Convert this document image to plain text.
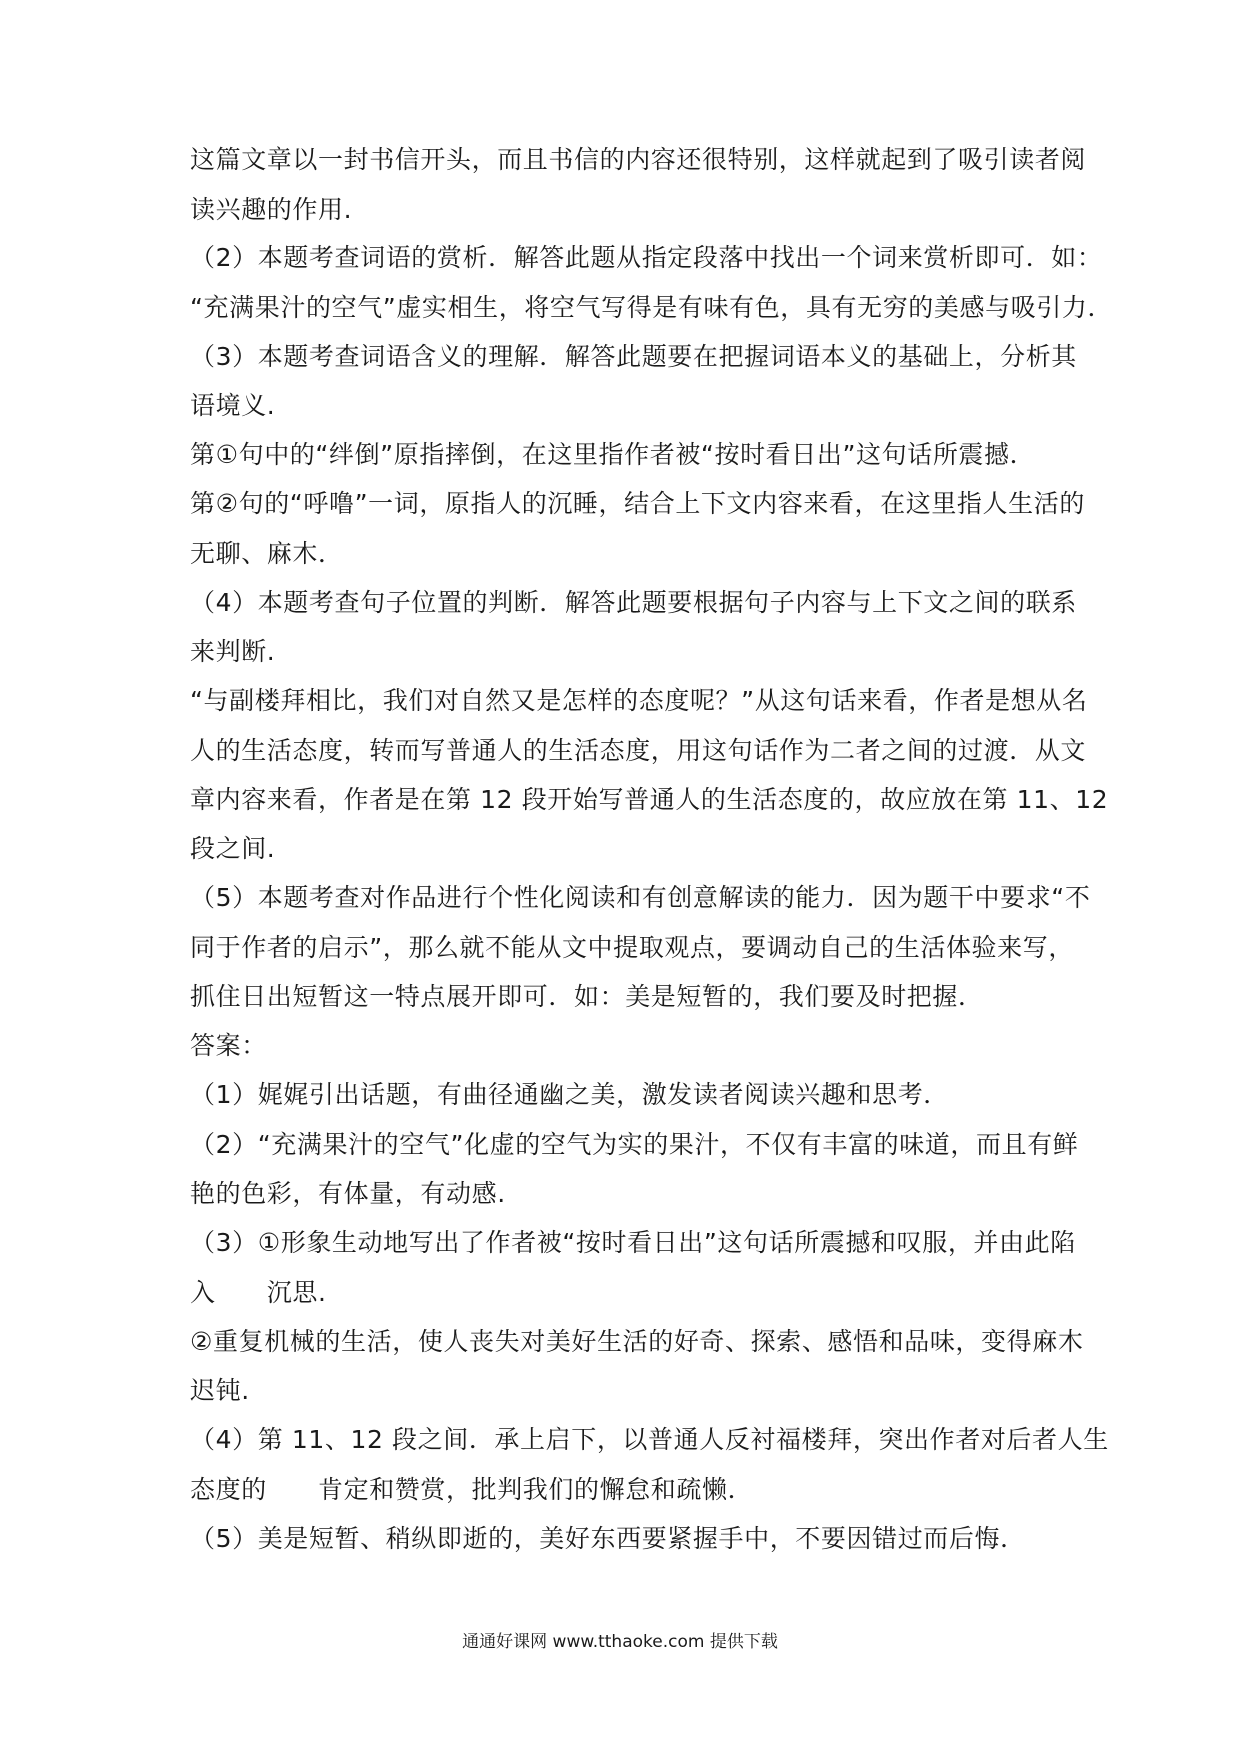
这篇文章以一封书信开头，而且书信的内容还很特别，这样就起到了吸引读者阅
读兴趣的作用.
（2）本题考查词语的赏析．解答此题从指定段落中找出一个词来赏析即可．如：
“充满果汁的空气”虚实相生，将空气写得是有味有色，具有无穷的美感与吸引力．
（3）本题考查词语含义的理解．解答此题要在把握词语本义的基础上，分析其
语境义.
第①句中的“绊倒”原指摔倒，在这里指作者被“按时看日出”这句话所震撼．
第②句的“呼噜”一词，原指人的沉睡，结合上下文内容来看，在这里指人生活的
无聊、麻木．
（4）本题考查句子位置的判断．解答此题要根据句子内容与上下文之间的联系
来判断.
“与副楼拜相比，我们对自然又是怎样的态度呢？”从这句话来看，作者是想从名
人的生活态度，转而写普通人的生活态度，用这句话作为二者之间的过渡．从文
章内容来看，作者是在第 12 段开始写普通人的生活态度的，故应放在第 11、12
段之间.
（5）本题考查对作品进行个性化阅读和有创意解读的能力．因为题干中要求“不
同于作者的启示”，那么就不能从文中提取观点，要调动自己的生活体验来写，
抓住日出短暂这一特点展开即可．如：美是短暂的，我们要及时把握．
答案：
（1）娓娓引出话题，有曲径通幽之美，激发读者阅读兴趣和思考．
（2）“充满果汁的空气”化虚的空气为实的果汁，不仅有丰富的味道，而且有鲜
艳的色彩，有体量，有动感.
（3）①形象生动地写出了作者被“按时看日出”这句话所震撼和叹服，并由此陷
入　　沉思.
②重复机械的生活，使人丧失对美好生活的好奇、探索、感悟和品味，变得麻木
迟钝.
（4）第 11、12 段之间．承上启下，以普通人反衬福楼拜，突出作者对后者人生
态度的　　肯定和赞赏，批判我们的懈怠和疏懒．
（5）美是短暂、稍纵即逝的，美好东西要紧握手中，不要因错过而后悔．
通通好课网 www.tthaoke.com 提供下载
